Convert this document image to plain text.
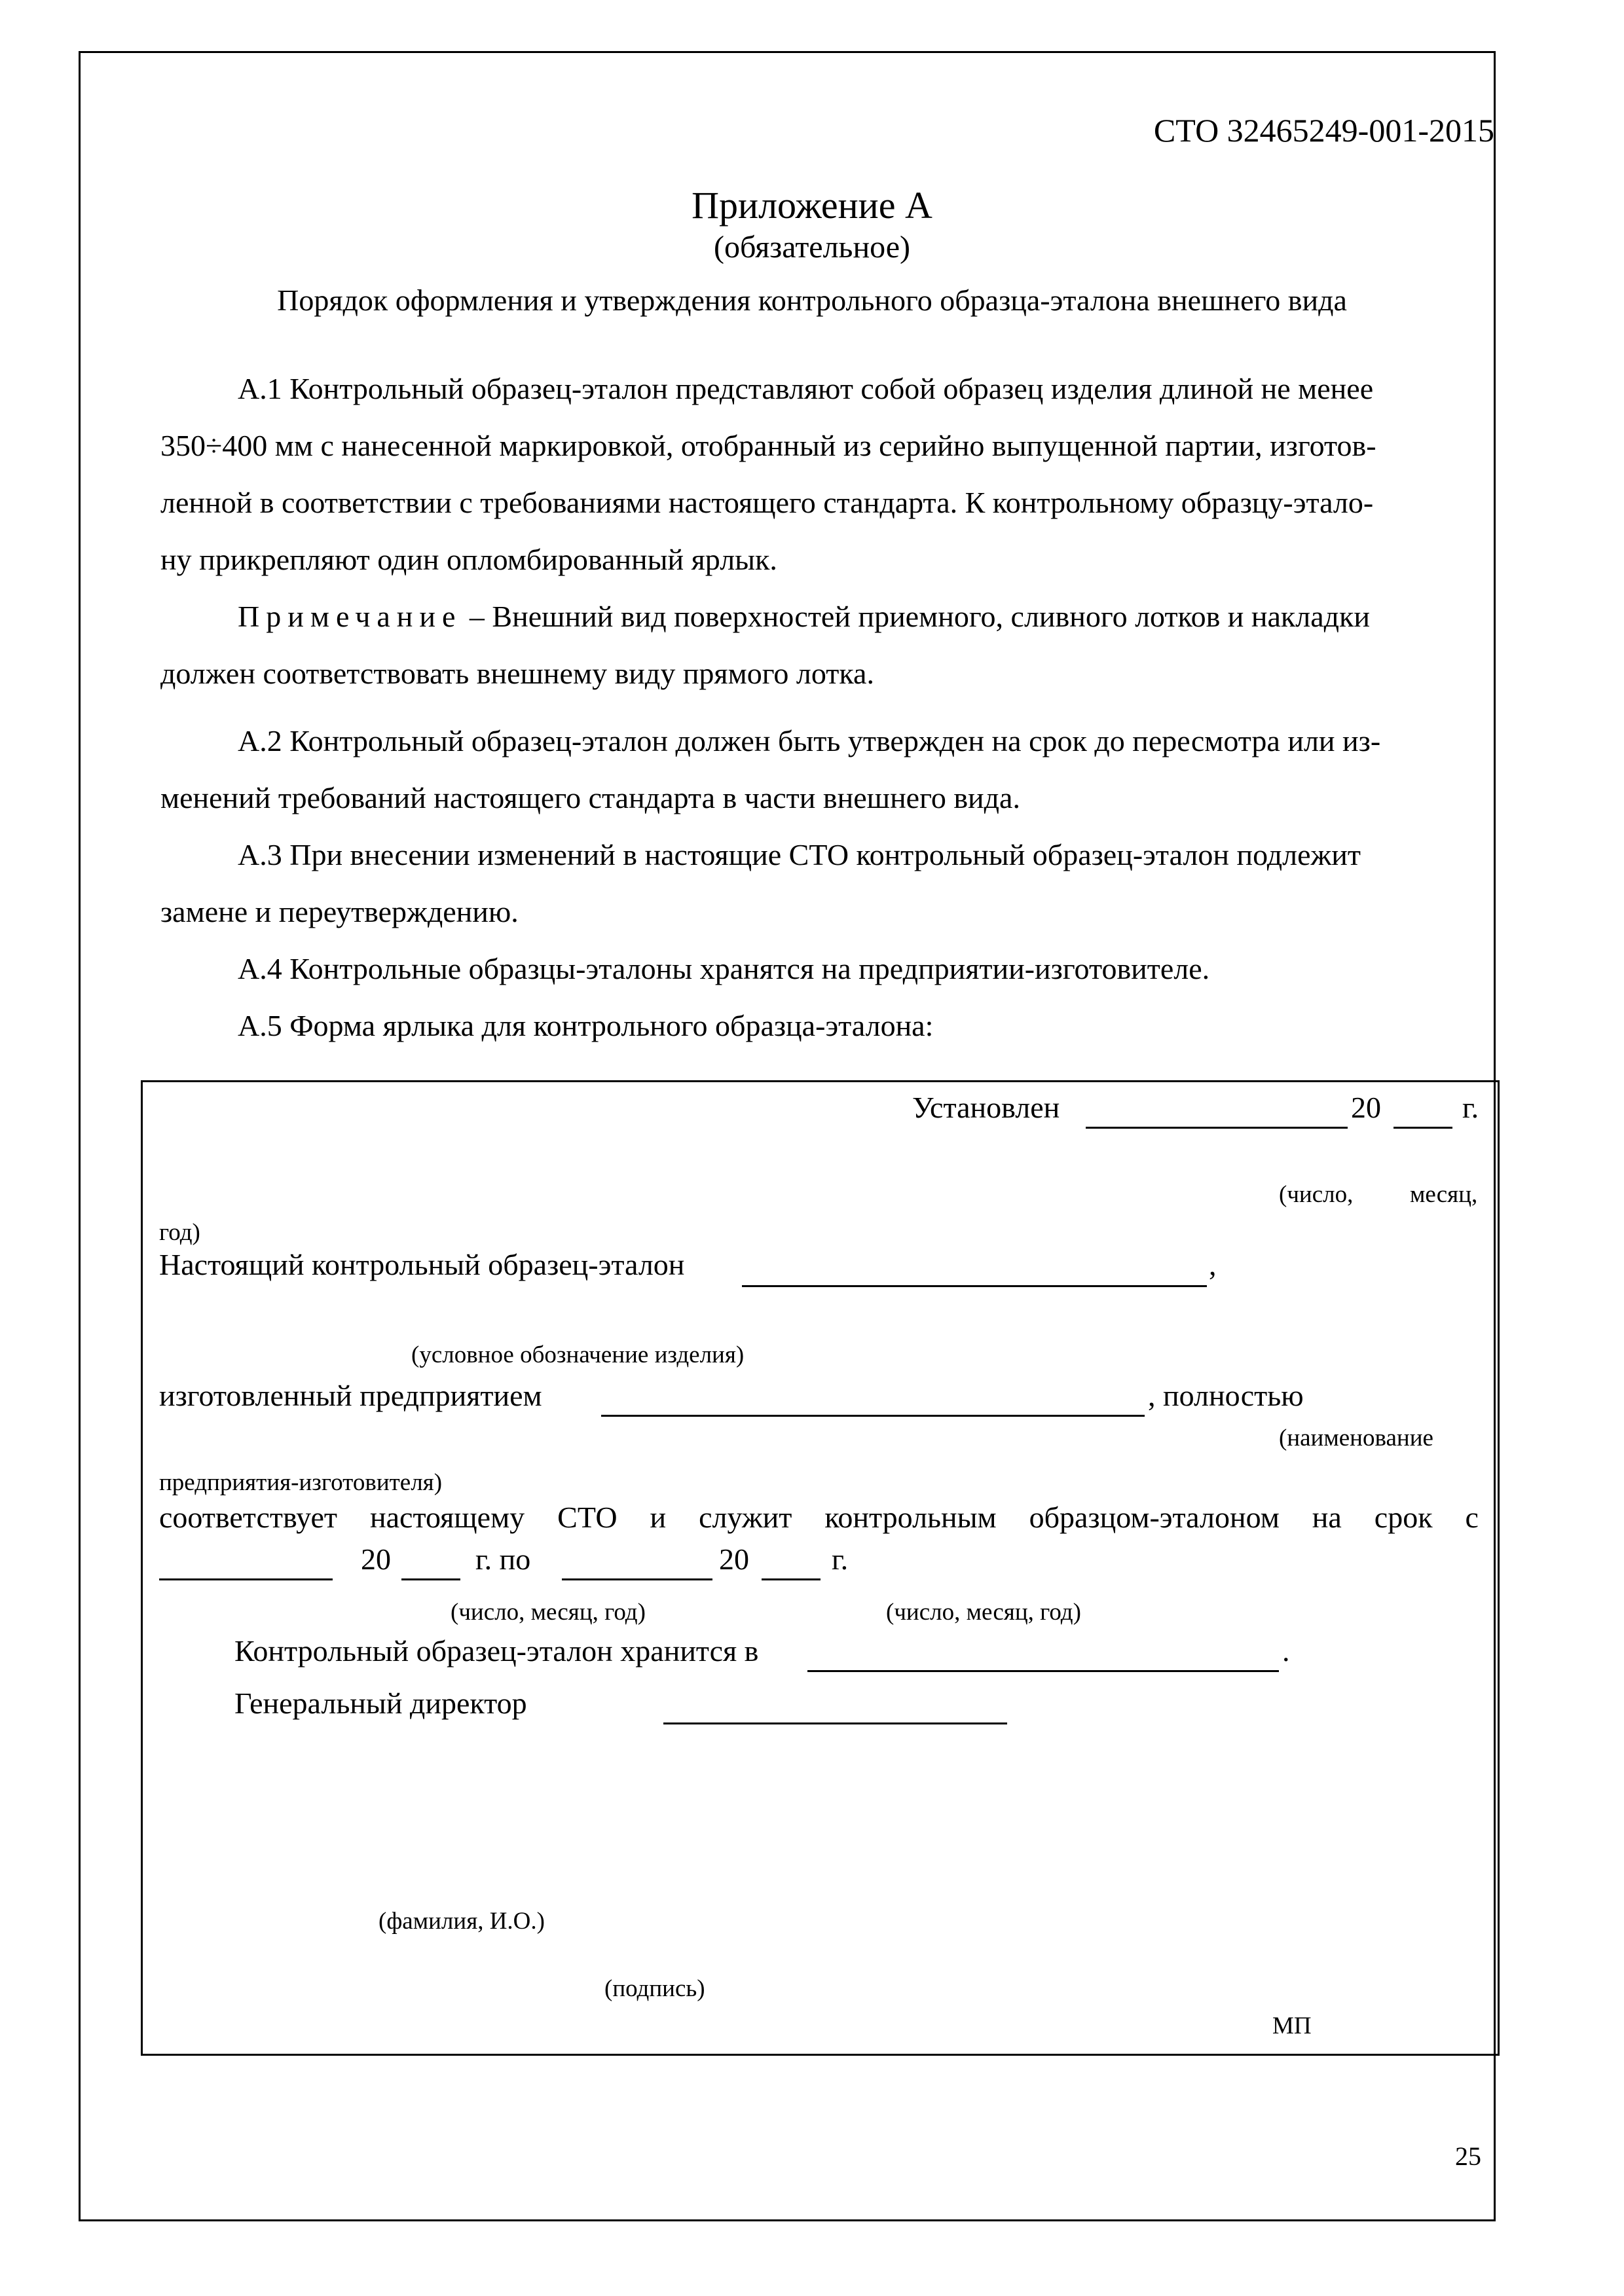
СТО 32465249-001-2015
Приложение А
(обязательное)
Порядок оформления и утверждения контрольного образца-эталона внешнего вида

А.1 Контрольный образец-эталон представляют собой образец изделия длиной не менее

350÷400 мм с нанесенной маркировкой, отобранный из серийно выпущенной партии, изготов-

ленной в соответствии с требованиями настоящего стандарта. К контрольному образцу-этало-

ну прикрепляют один опломбированный ярлык.

Примечание – Внешний вид поверхностей приемного, сливного лотков и накладки

должен соответствовать внешнему виду прямого лотка.

А.2 Контрольный образец-эталон должен быть утвержден на срок до пересмотра или из-

менений требований настоящего стандарта в части внешнего вида.

А.3 При внесении изменений в настоящие СТО контрольный образец-эталон подлежит

замене и переутверждению.

А.4 Контрольные образцы-эталоны хранятся на предприятии-изготовителе.

А.5 Форма ярлыка для контрольного образца-эталона:

Установлен	20	г.
(число, месяц,
год)
Настоящий контрольный образец-эталон	,
(условное обозначение изделия)
изготовленный предприятием	, полностью
(наименование
предприятия-изготовителя)
соответствует настоящему СТО и служит контрольным образцом-эталоном на срок с
20	г. по	20	г.
(число, месяц, год)	(число, месяц, год)
Контрольный образец-эталон хранится в	.
Генеральный директор
(фамилия, И.О.)
(подпись)
МП
25
